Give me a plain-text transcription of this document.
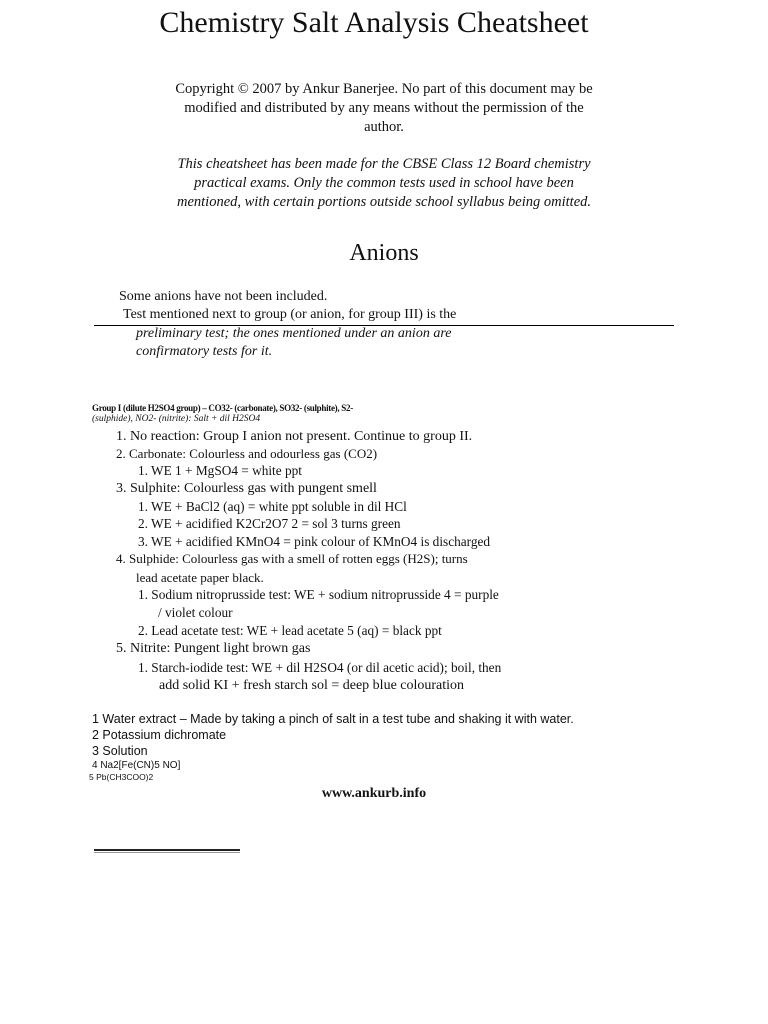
Chemistry Salt Analysis Cheatsheet
Copyright © 2007 by Ankur Banerjee. No part of this document may be
modified and distributed by any means without the permission of the
author.
This cheatsheet has been made for the CBSE Class 12 Board chemistry
practical exams. Only the common tests used in school have been
mentioned, with certain portions outside school syllabus being omitted.
Anions
Some anions have not been included.
Test mentioned next to group (or anion, for group III) is the
preliminary test; the ones mentioned under an anion are
confirmatory tests for it.
Group I (dilute H2SO4 group) – CO32- (carbonate), SO32- (sulphite), S2-
(sulphide), NO2- (nitrite): Salt + dil H2SO4
1. No reaction: Group I anion not present. Continue to group II.
2. Carbonate: Colourless and odourless gas (CO2)
1. WE 1 + MgSO4 = white ppt
3. Sulphite: Colourless gas with pungent smell
1. WE + BaCl2 (aq) = white ppt soluble in dil HCl
2. WE + acidified K2Cr2O7 2 = sol 3 turns green
3. WE + acidified KMnO4 = pink colour of KMnO4 is discharged
4. Sulphide: Colourless gas with a smell of rotten eggs (H2S); turns
lead acetate paper black.
1. Sodium nitroprusside test: WE + sodium nitroprusside 4 = purple
/ violet colour
2. Lead acetate test: WE + lead acetate 5 (aq) = black ppt
5. Nitrite: Pungent light brown gas
1. Starch-iodide test: WE + dil H2SO4 (or dil acetic acid); boil, then
add solid KI + fresh starch sol = deep blue colouration
1 Water extract – Made by taking a pinch of salt in a test tube and shaking it with water.
2 Potassium dichromate
3 Solution
4 Na2[Fe(CN)5 NO]
5 Pb(CH3COO)2
www.ankurb.info
